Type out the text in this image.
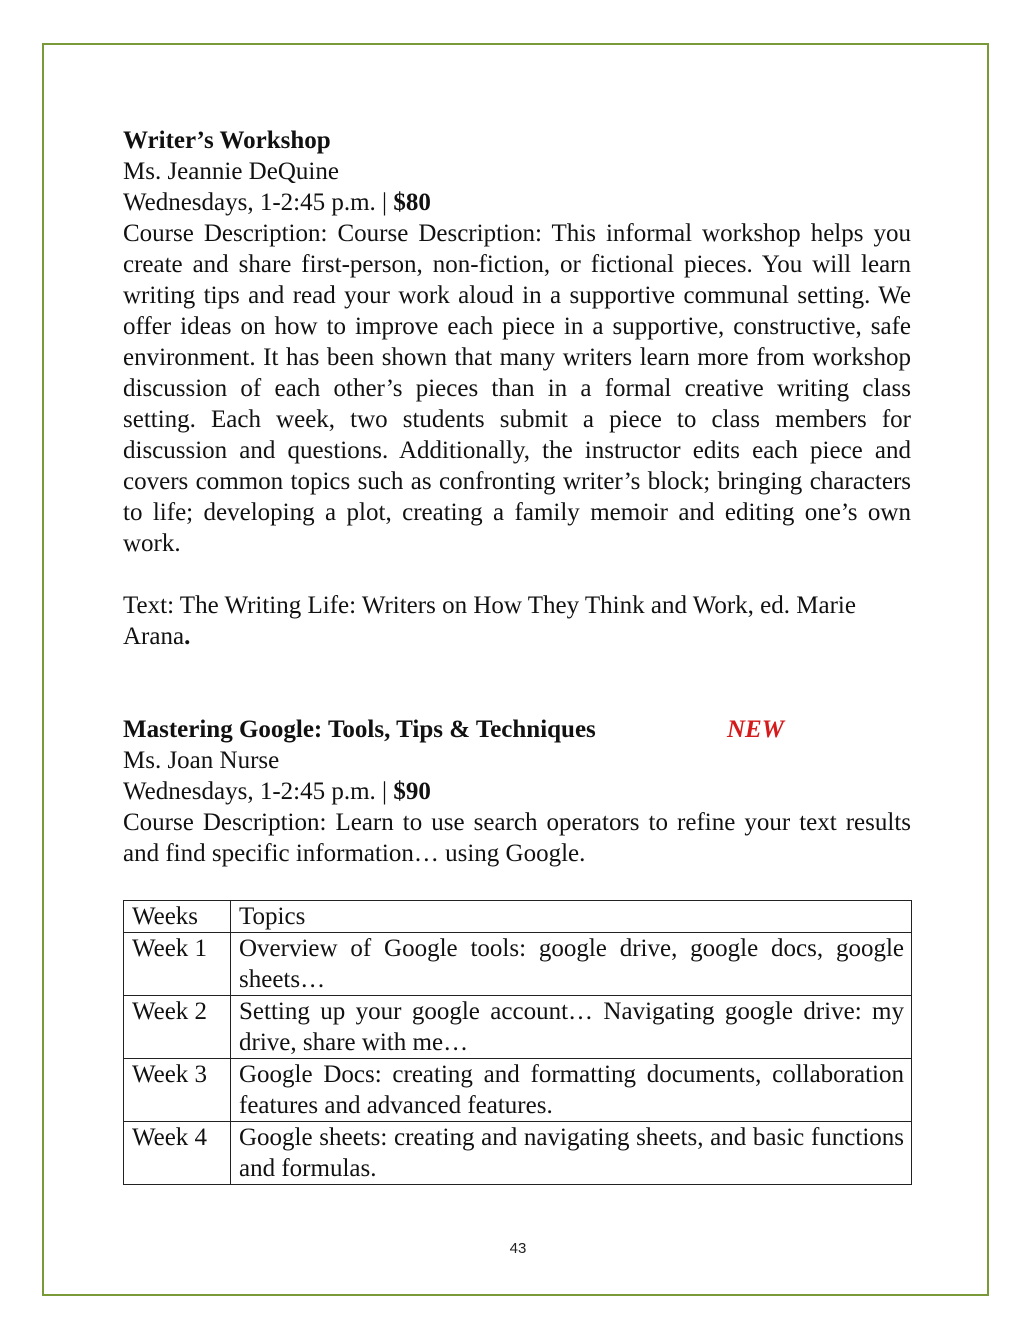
Writer’s Workshop

Ms. Jeannie DeQuine

Wednesdays, 1-2:45 p.m. | $80

Course Description: Course Description: This informal workshop helps you create and share first-person, non-fiction, or fictional pieces. You will learn writing tips and read your work aloud in a supportive communal setting. We offer ideas on how to improve each piece in a supportive, constructive, safe environment. It has been shown that many writers learn more from workshop discussion of each other’s pieces than in a formal creative writing class setting. Each week, two students submit a piece to class members for discussion and questions. Additionally, the instructor edits each piece and covers common topics such as confronting writer’s block; bringing characters to life; developing a plot, creating a family memoir and editing one’s own work.

Text: The Writing Life: Writers on How They Think and Work, ed. Marie Arana.

Mastering Google: Tools, Tips & Techniques	NEW

Ms. Joan Nurse

Wednesdays, 1-2:45 p.m. | $90

Course Description: Learn to use search operators to refine your text results and find specific information… using Google.

Weeks	Topics
Week 1	Overview of Google tools: google drive, google docs, google sheets…
Week 2	Setting up your google account… Navigating google drive: my drive, share with me…
Week 3	Google Docs: creating and formatting documents, collaboration features and advanced features.
Week 4	Google sheets: creating and navigating sheets, and basic functions and formulas.
43
